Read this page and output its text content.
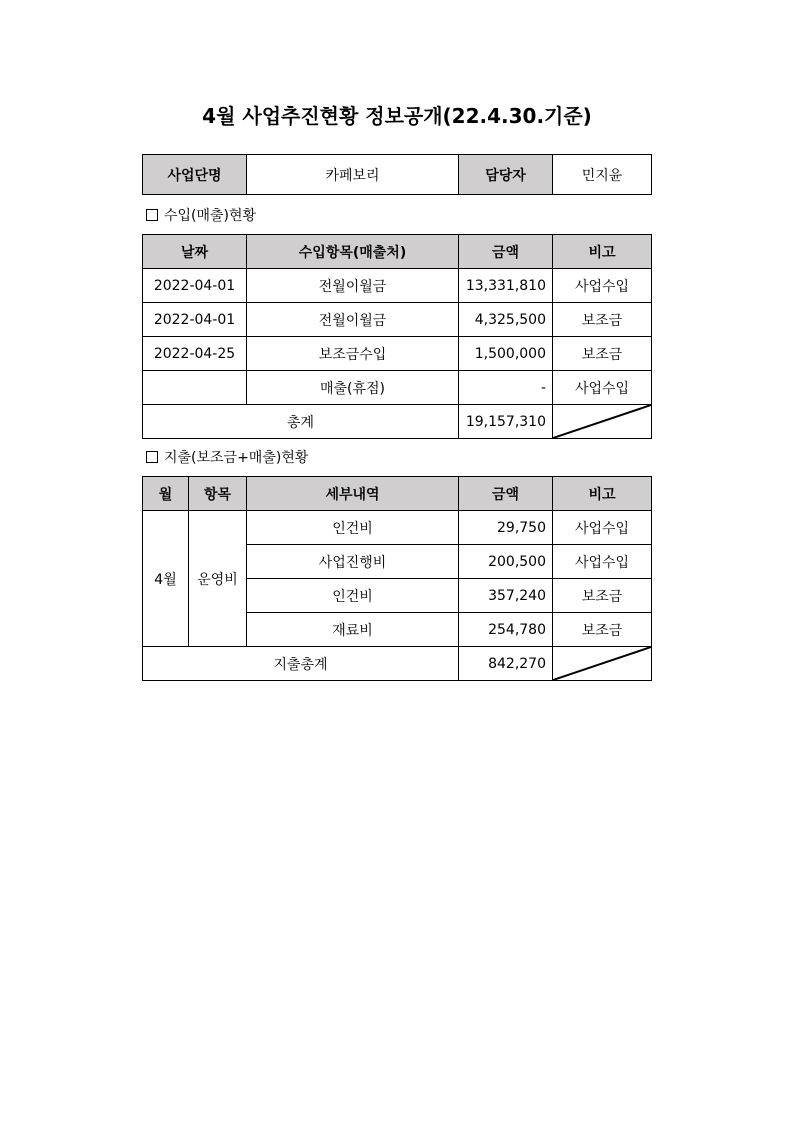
4월 사업추진현황 정보공개(22.4.30.기준)
사업단명	카페보리	담당자	민지윤
수입(매출)현황
날짜	수입항목(매출처)	금액	비고
2022-04-01	전월이월금	13,331,810	사업수입
2022-04-01	전월이월금	4,325,500	보조금
2022-04-25	보조금수입	1,500,000	보조금
	매출(휴점)	-	사업수입
총계		19,157,310	
지출(보조금+매출)현황
월	항목	세부내역	금액	비고
4월	운영비	인건비	29,750	사업수입
		사업진행비	200,500	사업수입
		인건비	357,240	보조금
		재료비	254,780	보조금
지출총계			842,270	
